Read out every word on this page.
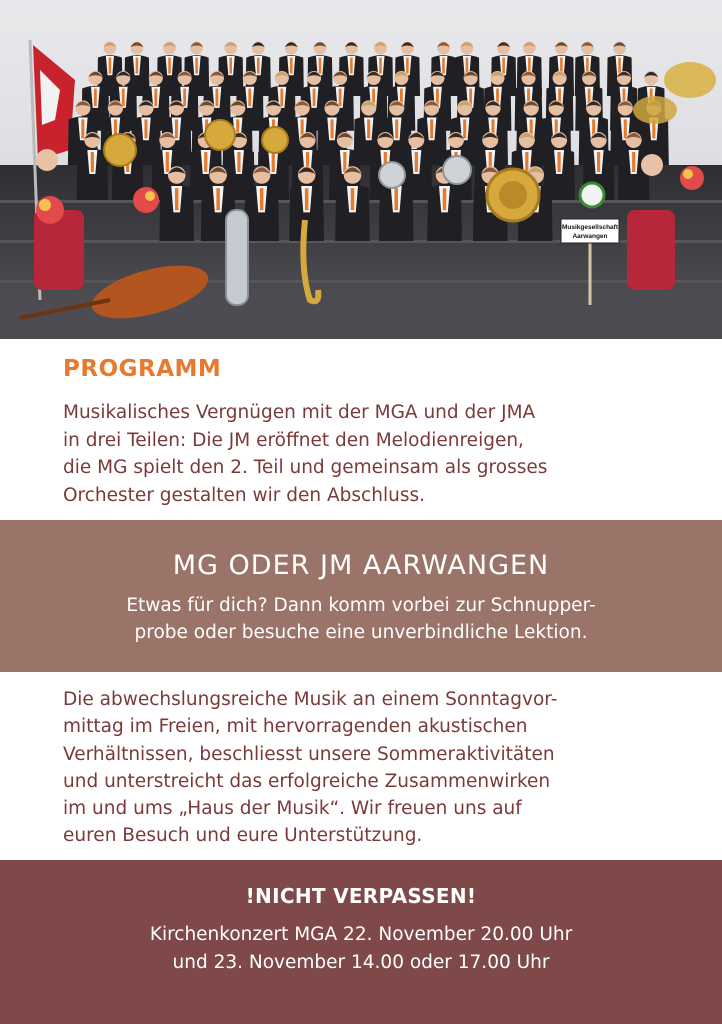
Musikgesellschaft
Aarwangen
PROGRAMM

Musikalisches Vergnügen mit der MGA und der JMA
in drei Teilen: Die JM eröffnet den Melodienreigen,
die MG spielt den 2. Teil und gemeinsam als grosses
Orchester gestalten wir den Abschluss.

MG ODER JM AARWANGEN

Etwas für dich? Dann komm vorbei zur Schnupper-
probe oder besuche eine unverbindliche Lektion.

Die abwechslungsreiche Musik an einem Sonntagvor-
mittag im Freien, mit hervorragenden akustischen
Verhältnissen, beschliesst unsere Sommeraktivitäten
und unterstreicht das erfolgreiche Zusammenwirken
im und ums „Haus der Musik“. Wir freuen uns auf
euren Besuch und eure Unterstützung.

!NICHT VERPASSEN!

Kirchenkonzert MGA 22. November 20.00 Uhr
und 23. November 14.00 oder 17.00 Uhr
